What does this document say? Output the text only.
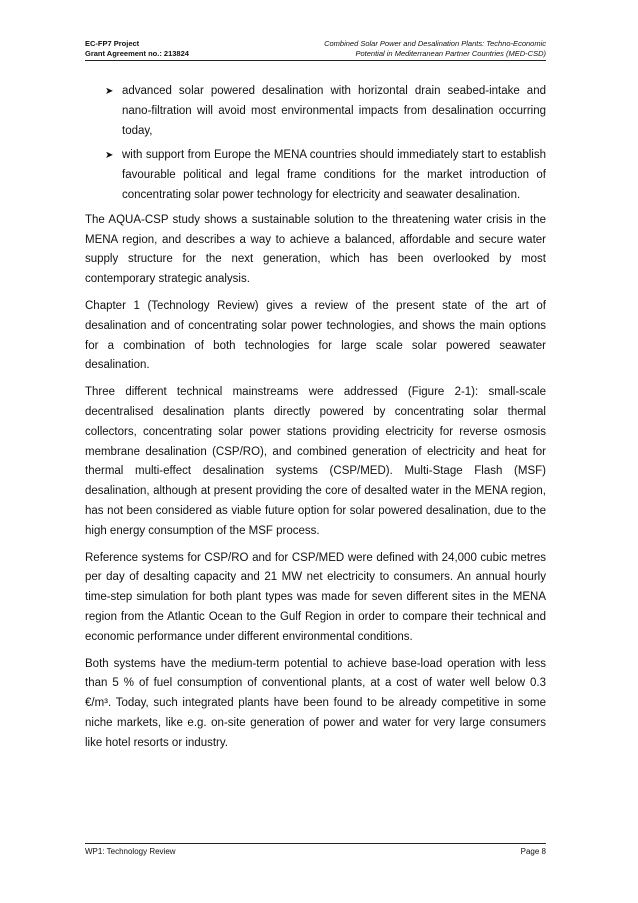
EC-FP7 Project
Grant Agreement no.: 213824
Combined Solar Power and Desalination Plants: Techno-Economic
Potential in Mediterranean Partner Countries (MED-CSD)
➤ advanced solar powered desalination with horizontal drain seabed-intake and nano-filtration will avoid most environmental impacts from desalination occurring today,
➤ with support from Europe the MENA countries should immediately start to establish favourable political and legal frame conditions for the market introduction of concentrating solar power technology for electricity and seawater desalination.

The AQUA-CSP study shows a sustainable solution to the threatening water crisis in the MENA region, and describes a way to achieve a balanced, affordable and secure water supply structure for the next generation, which has been overlooked by most contemporary strategic analysis.

Chapter 1 (Technology Review) gives a review of the present state of the art of desalination and of concentrating solar power technologies, and shows the main options for a combination of both technologies for large scale solar powered seawater desalination.

Three different technical mainstreams were addressed (Figure 2-1): small-scale decentralised desalination plants directly powered by concentrating solar thermal collectors, concentrating solar power stations providing electricity for reverse osmosis membrane desalination (CSP/RO), and combined generation of electricity and heat for thermal multi-effect desalination systems (CSP/MED). Multi-Stage Flash (MSF) desalination, although at present providing the core of desalted water in the MENA region, has not been considered as viable future option for solar powered desalination, due to the high energy consumption of the MSF process.

Reference systems for CSP/RO and for CSP/MED were defined with 24,000 cubic metres per day of desalting capacity and 21 MW net electricity to consumers. An annual hourly time-step simulation for both plant types was made for seven different sites in the MENA region from the Atlantic Ocean to the Gulf Region in order to compare their technical and economic performance under different environmental conditions.

Both systems have the medium-term potential to achieve base-load operation with less than 5 % of fuel consumption of conventional plants, at a cost of water well below 0.3 €/m³. Today, such integrated plants have been found to be already competitive in some niche markets, like e.g. on-site generation of power and water for very large consumers like hotel resorts or industry.

WP1: Technology Review	Page 8
